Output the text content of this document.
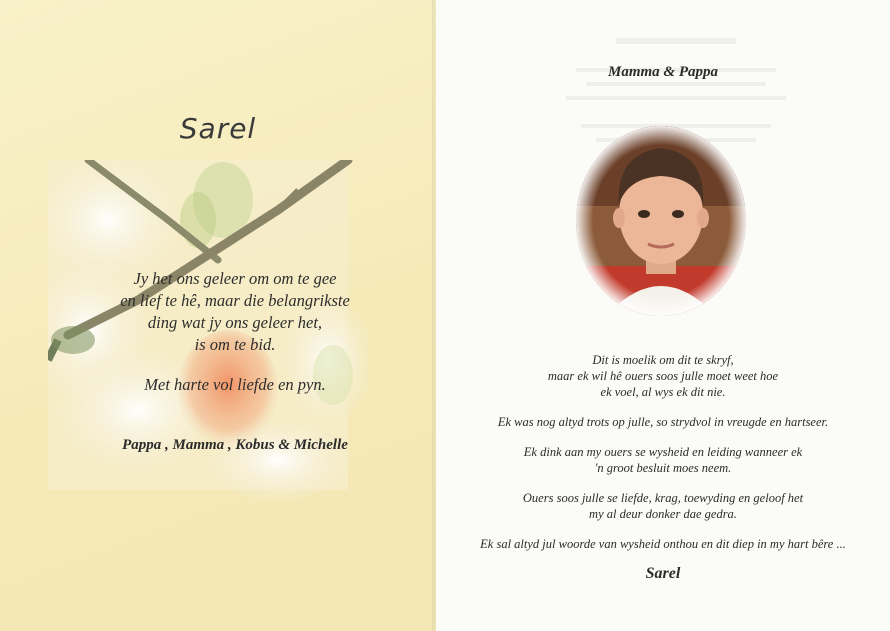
Sarel
Jy het ons geleer om om te gee
en lief te hê, maar die belangrikste
ding wat jy ons geleer het,
is om te bid.
Met harte vol liefde en pyn.
Pappa , Mamma , Kobus & Michelle
Mamma & Pappa

Dit is moelik om dit te skryf,
maar ek wil hê ouers soos julle moet weet hoe
ek voel, al wys ek dit nie.

Ek was nog altyd trots op julle, so strydvol in vreugde en hartseer.

Ek dink aan my ouers se wysheid en leiding wanneer ek
'n groot besluit moes neem.

Ouers soos julle se liefde, krag, toewyding en geloof het
my al deur donker dae gedra.

Ek sal altyd jul woorde van wysheid onthou en dit diep in my hart bêre ...

Sarel
